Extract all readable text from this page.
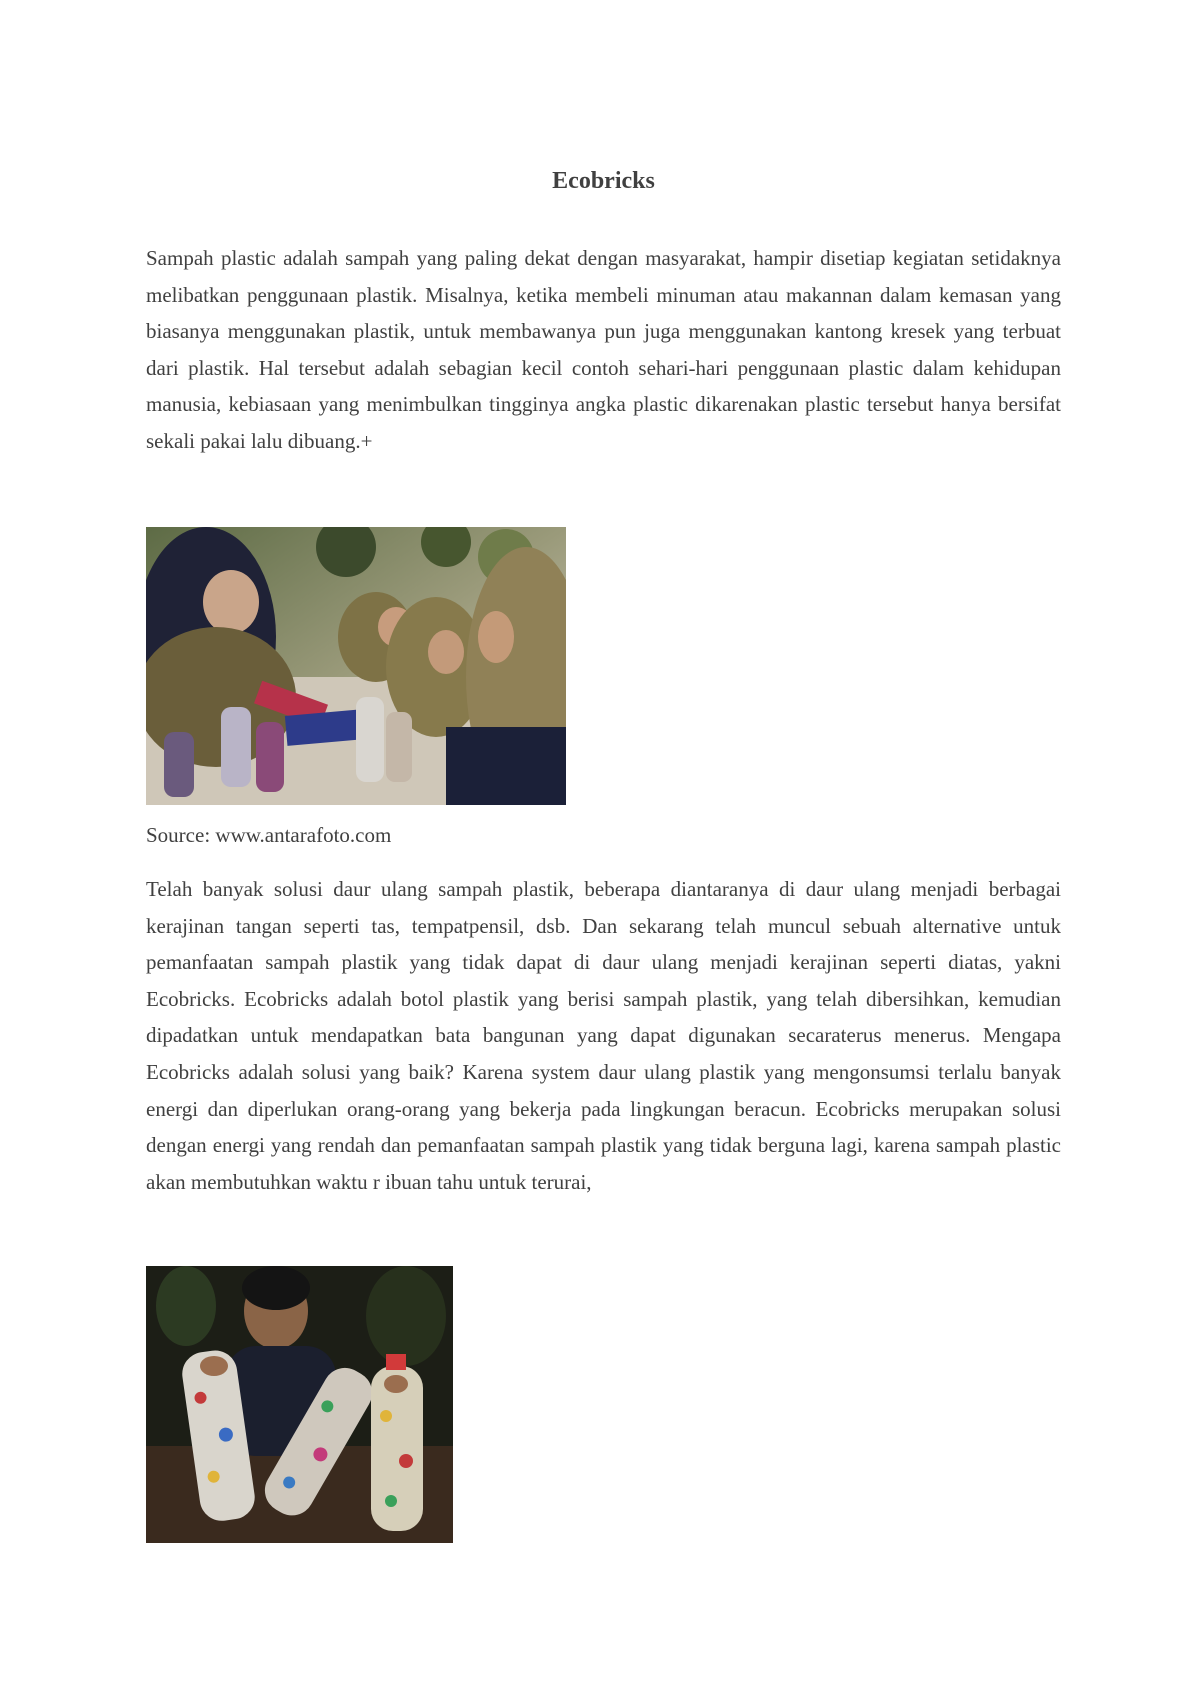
Ecobricks

Sampah plastic adalah sampah yang paling dekat dengan masyarakat, hampir disetiap kegiatan setidaknya melibatkan penggunaan plastik. Misalnya, ketika membeli minuman atau makannan dalam kemasan yang biasanya menggunakan plastik, untuk membawanya pun juga menggunakan kantong kresek yang terbuat dari plastik. Hal tersebut adalah sebagian kecil contoh sehari-hari penggunaan plastic dalam kehidupan manusia, kebiasaan yang menimbulkan tingginya angka plastic dikarenakan plastic tersebut hanya bersifat sekali pakai lalu dibuang.+

Source: www.antarafoto.com

Telah banyak solusi daur ulang sampah plastik, beberapa diantaranya di daur ulang menjadi berbagai kerajinan tangan seperti tas, tempatpensil, dsb. Dan sekarang telah muncul sebuah alternative untuk pemanfaatan sampah plastik yang tidak dapat di daur ulang menjadi kerajinan seperti diatas, yakni Ecobricks. Ecobricks adalah botol plastik yang berisi sampah plastik, yang telah dibersihkan, kemudian dipadatkan untuk mendapatkan bata bangunan yang dapat digunakan secaraterus menerus. Mengapa Ecobricks adalah solusi yang baik? Karena system daur ulang plastik yang mengonsumsi terlalu banyak energi dan diperlukan orang-orang yang bekerja pada lingkungan beracun. Ecobricks merupakan solusi dengan energi yang rendah dan pemanfaatan sampah plastik yang tidak berguna lagi, karena sampah plastic akan membutuhkan waktu r ibuan tahu untuk terurai,
